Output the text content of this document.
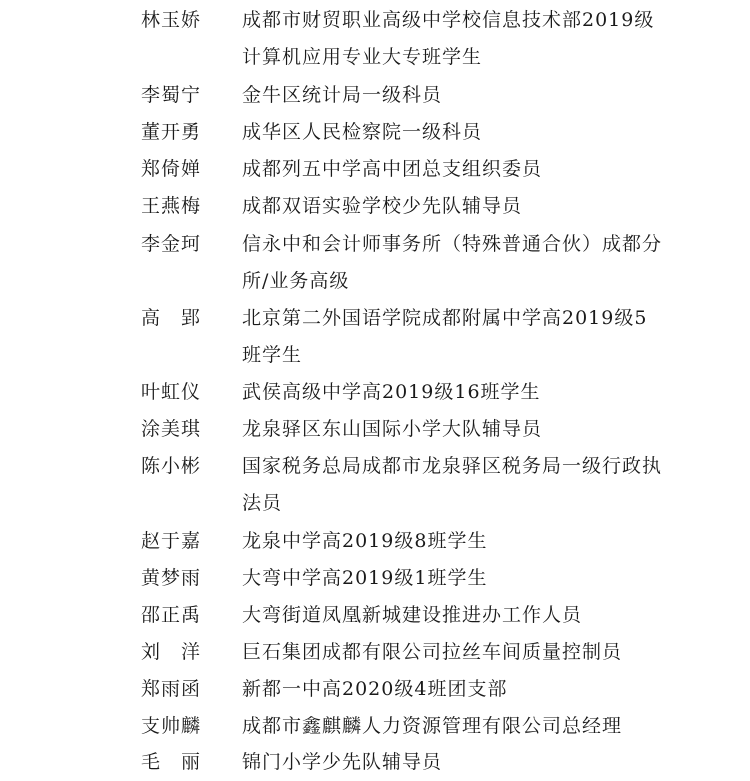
林玉娇	成都市财贸职业高级中学校信息技术部2019级计算机应用专业大专班学生
李蜀宁	金牛区统计局一级科员
董开勇	成华区人民检察院一级科员
郑倚婵	成都列五中学高中团总支组织委员
王燕梅	成都双语实验学校少先队辅导员
李金珂	信永中和会计师事务所（特殊普通合伙）成都分所/业务高级
高　郢	北京第二外国语学院成都附属中学高2019级5班学生
叶虹仪	武侯高级中学高2019级16班学生
涂美琪	龙泉驿区东山国际小学大队辅导员
陈小彬	国家税务总局成都市龙泉驿区税务局一级行政执法员
赵于嘉	龙泉中学高2019级8班学生
黄梦雨	大弯中学高2019级1班学生
邵正禹	大弯街道凤凰新城建设推进办工作人员
刘　洋	巨石集团成都有限公司拉丝车间质量控制员
郑雨函	新都一中高2020级4班团支部
支帅麟	成都市鑫麒麟人力资源管理有限公司总经理
毛　丽	锦门小学少先队辅导员
